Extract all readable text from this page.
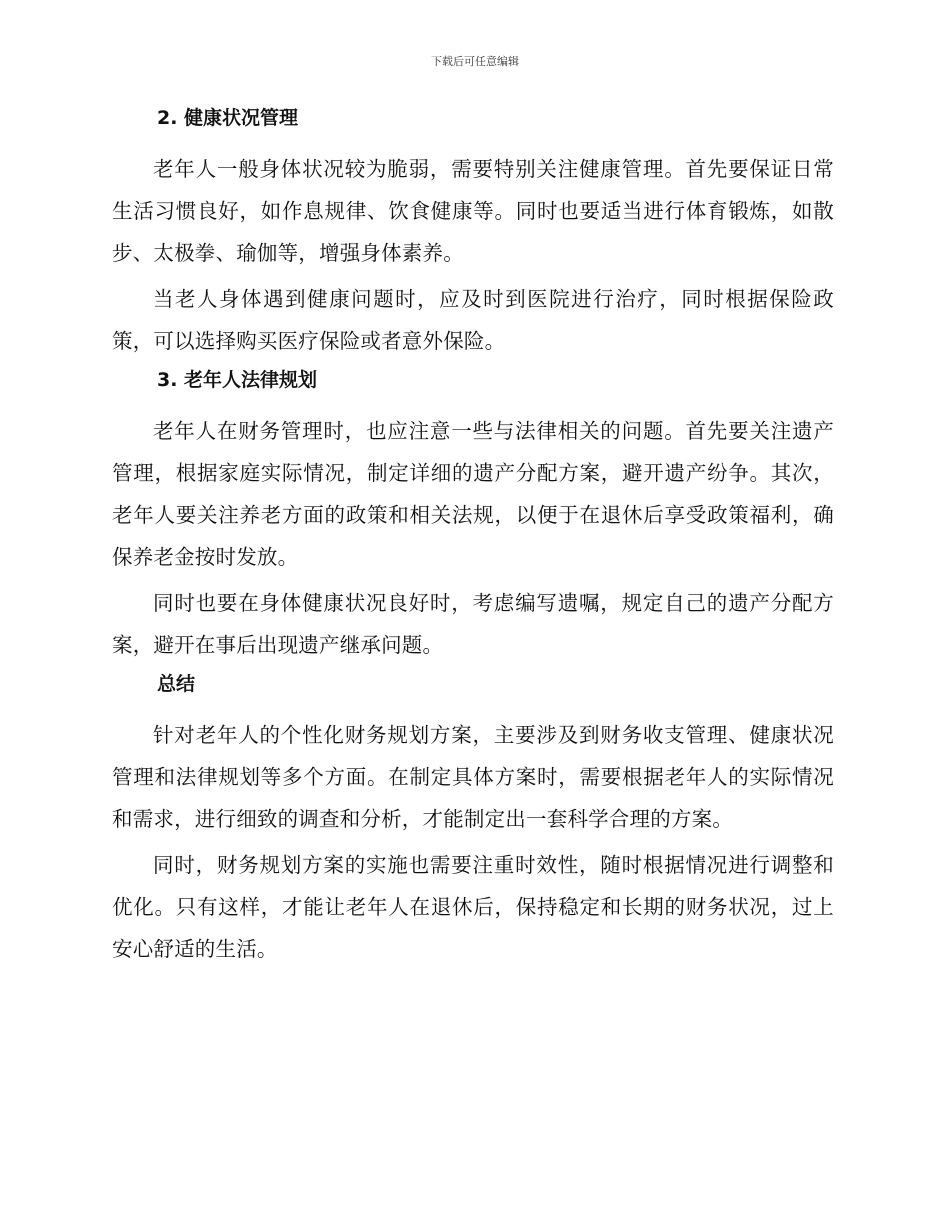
下载后可任意编辑
2. 健康状况管理

老年人一般身体状况较为脆弱，需要特别关注健康管理。首先要保证日常生活习惯良好，如作息规律、饮食健康等。同时也要适当进行体育锻炼，如散步、太极拳、瑜伽等，增强身体素养。

当老人身体遇到健康问题时，应及时到医院进行治疗，同时根据保险政策，可以选择购买医疗保险或者意外保险。

3. 老年人法律规划

老年人在财务管理时，也应注意一些与法律相关的问题。首先要关注遗产管理，根据家庭实际情况，制定详细的遗产分配方案，避开遗产纷争。其次，老年人要关注养老方面的政策和相关法规，以便于在退休后享受政策福利，确保养老金按时发放。

同时也要在身体健康状况良好时，考虑编写遗嘱，规定自己的遗产分配方案，避开在事后出现遗产继承问题。

总结

针对老年人的个性化财务规划方案，主要涉及到财务收支管理、健康状况管理和法律规划等多个方面。在制定具体方案时，需要根据老年人的实际情况和需求，进行细致的调查和分析，才能制定出一套科学合理的方案。

同时，财务规划方案的实施也需要注重时效性，随时根据情况进行调整和优化。只有这样，才能让老年人在退休后，保持稳定和长期的财务状况，过上安心舒适的生活。
